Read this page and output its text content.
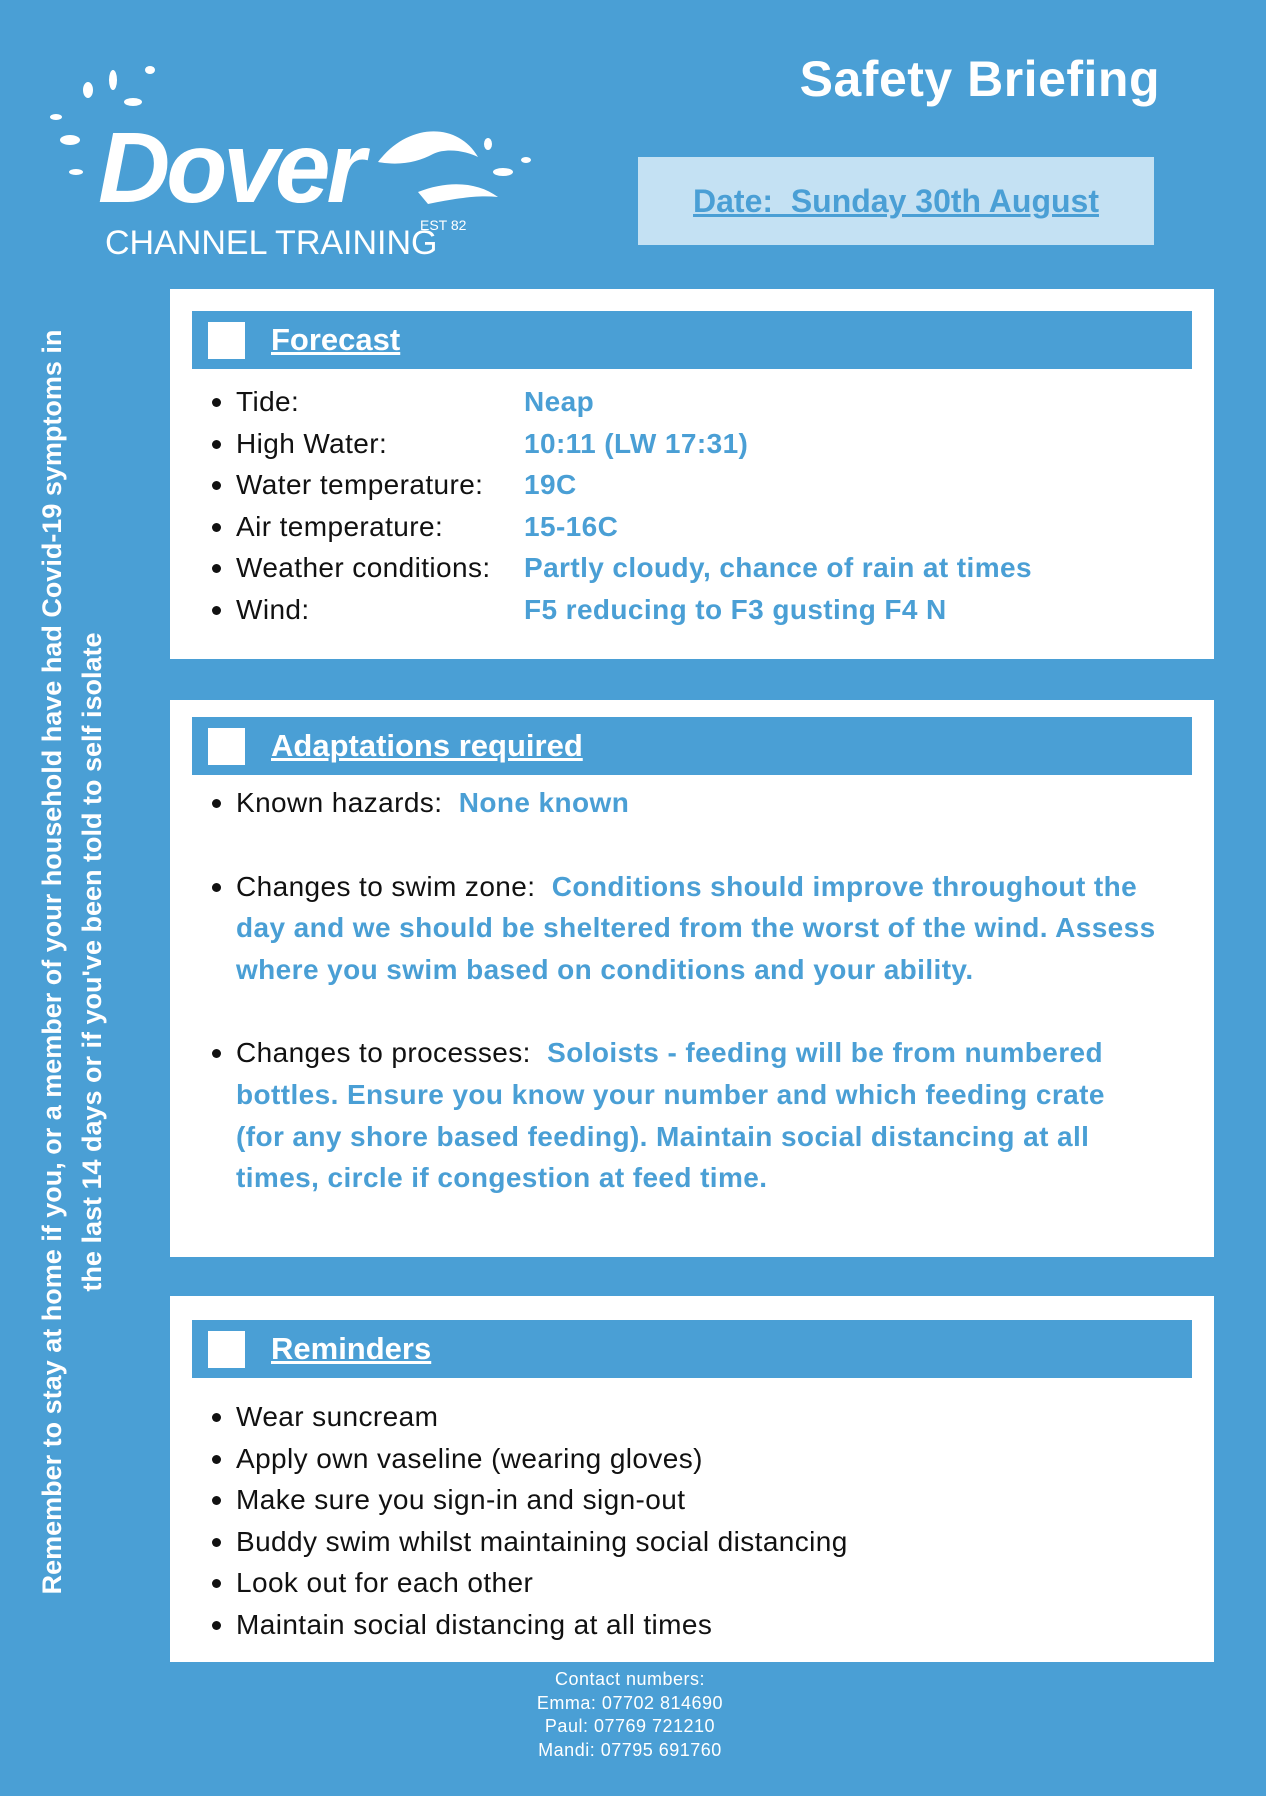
Dover
CHANNEL TRAINING
EST 82
Safety Briefing
Date:  Sunday 30th August
Remember to stay at home if you, or a member of your household have had Covid-19 symptoms in the last 14 days or if you've been told to self isolate
Forecast
Tide:	Neap
High Water:	10:11 (LW 17:31)
Water temperature: 19C
Air temperature:	15-16C
Weather conditions: Partly cloudy, chance of rain at times
Wind:	F5 reducing to F3 gusting F4 N
Adaptations required
Known hazards: None known
Changes to swim zone: Conditions should improve throughout the day and we should be sheltered from the worst of the wind. Assess where you swim based on conditions and your ability.
Changes to processes: Soloists - feeding will be from numbered bottles. Ensure you know your number and which feeding crate (for any shore based feeding). Maintain social distancing at all times, circle if congestion at feed time.
Reminders
Wear suncream
Apply own vaseline (wearing gloves)
Make sure you sign-in and sign-out
Buddy swim whilst maintaining social distancing
Look out for each other
Maintain social distancing at all times
Contact numbers:
Emma: 07702 814690
Paul: 07769 721210
Mandi: 07795 691760
